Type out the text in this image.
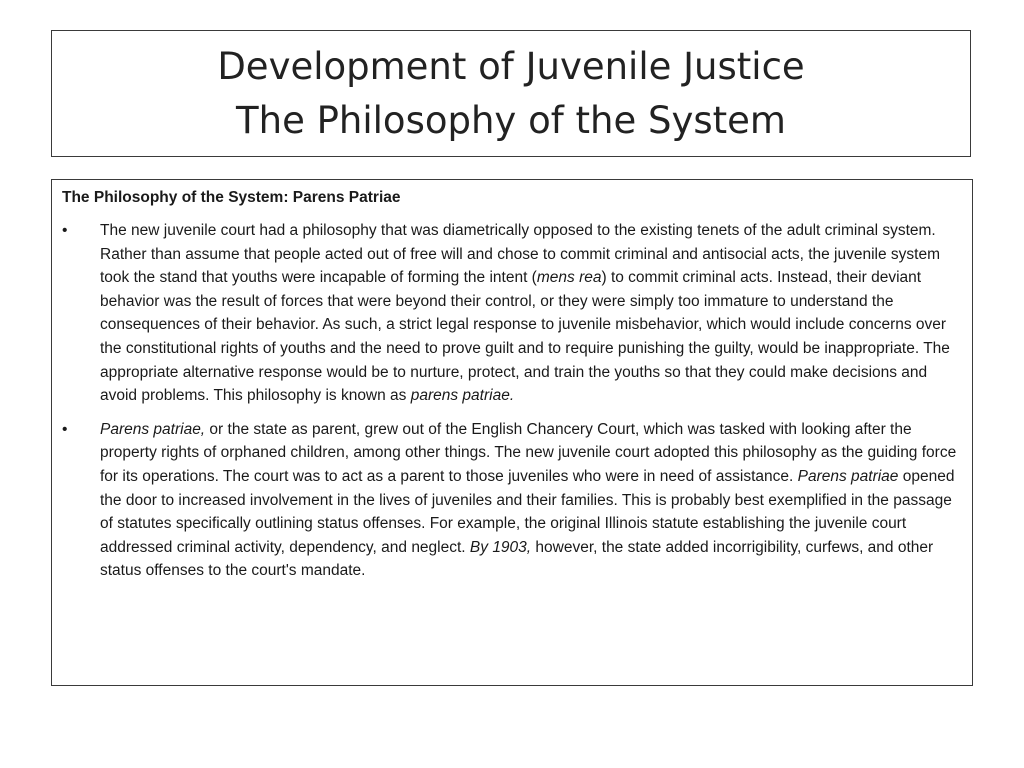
Development of Juvenile Justice
The Philosophy of the System
The Philosophy of the System: Parens Patriae
• The new juvenile court had a philosophy that was diametrically opposed to the existing tenets of the adult criminal system. Rather than assume that people acted out of free will and chose to commit criminal and antisocial acts, the juvenile system took the stand that youths were incapable of forming the intent (mens rea) to commit criminal acts. Instead, their deviant behavior was the result of forces that were beyond their control, or they were simply too immature to understand the consequences of their behavior. As such, a strict legal response to juvenile misbehavior, which would include concerns over the constitutional rights of youths and the need to prove guilt and to require punishing the guilty, would be inappropriate. The appropriate alternative response would be to nurture, protect, and train the youths so that they could make decisions and avoid problems. This philosophy is known as parens patriae.
• Parens patriae, or the state as parent, grew out of the English Chancery Court, which was tasked with looking after the property rights of orphaned children, among other things. The new juvenile court adopted this philosophy as the guiding force for its operations. The court was to act as a parent to those juveniles who were in need of assistance. Parens patriae opened the door to increased involvement in the lives of juveniles and their families. This is probably best exemplified in the passage of statutes specifically outlining status offenses. For example, the original Illinois statute establishing the juvenile court addressed criminal activity, dependency, and neglect. By 1903, however, the state added incorrigibility, curfews, and other status offenses to the court's mandate.
